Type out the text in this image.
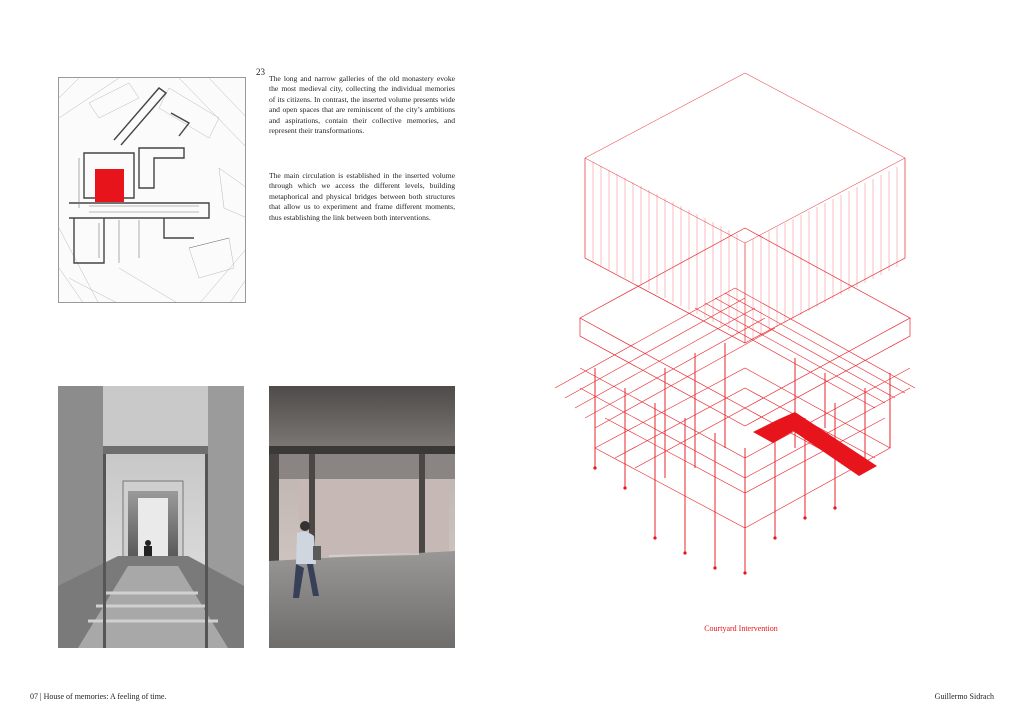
23

The long and narrow galleries of the old monastery evoke the most medieval city, collecting the individual memories of its citizens. In contrast, the inserted volume presents wide and open spaces that are reminiscent of the city’s ambitions and aspirations, contain their collective memories, and represent their transformations.

The main circulation is established in the inserted volume through which we access the different levels, building metaphorical and physical bridges between both structures that allow us to experiment and frame different moments, thus establishing the link between both interventions.

Courtyard Intervention
07 | House of memories: A feeling of time.	Guillermo Sidrach
